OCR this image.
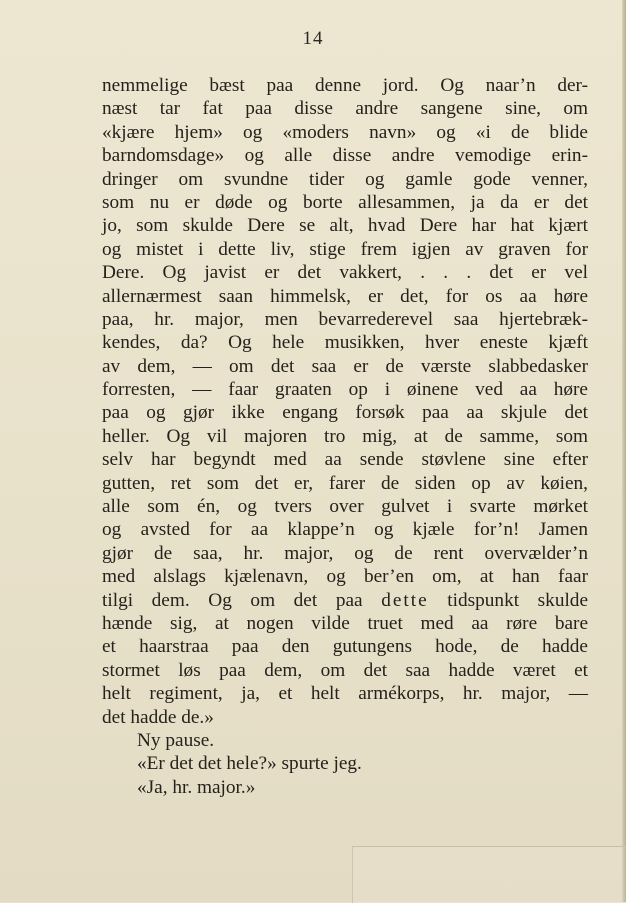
14
nemmelige bæst paa denne jord. Og naar’n der-
næst tar fat paa disse andre sangene sine, om
«kjære hjem» og «moders navn» og «i de blide
barndomsdage» og alle disse andre vemodige erin-
dringer om svundne tider og gamle gode venner,
som nu er døde og borte allesammen, ja da er det
jo, som skulde Dere se alt, hvad Dere har hat kjært
og mistet i dette liv, stige frem igjen av graven for
Dere. Og javist er det vakkert, . . . det er vel
allernærmest saan himmelsk, er det, for os aa høre
paa, hr. major, men bevarrederevel saa hjertebræk-
kendes, da? Og hele musikken, hver eneste kjæft
av dem, — om det saa er de værste slabbedasker
forresten, — faar graaten op i øinene ved aa høre
paa og gjør ikke engang forsøk paa aa skjule det
heller. Og vil majoren tro mig, at de samme, som
selv har begyndt med aa sende støvlene sine efter
gutten, ret som det er, farer de siden op av køien,
alle som én, og tvers over gulvet i svarte mørket
og avsted for aa klappe’n og kjæle for’n! Jamen
gjør de saa, hr. major, og de rent overvælder’n
med alslags kjælenavn, og ber’en om, at han faar
tilgi dem. Og om det paa dette tidspunkt skulde
hænde sig, at nogen vilde truet med aa røre bare
et haarstraa paa den gutungens hode, de hadde
stormet løs paa dem, om det saa hadde været et
helt regiment, ja, et helt armékorps, hr. major, —
det hadde de.»
Ny pause.
«Er det det hele?» spurte jeg.
«Ja, hr. major.»
